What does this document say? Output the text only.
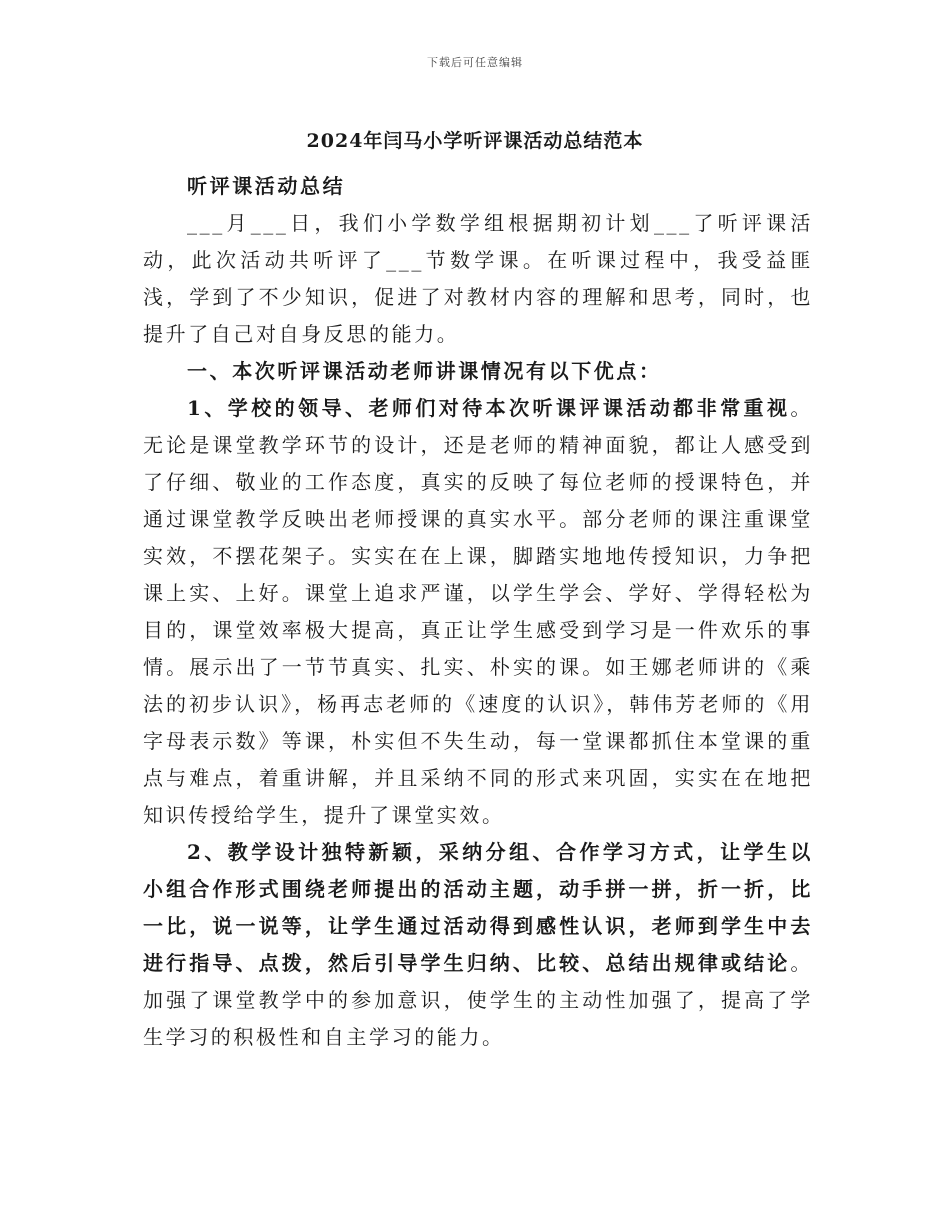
下载后可任意编辑
2024年闫马小学听评课活动总结范本

听评课活动总结

___月___日，我们小学数学组根据期初计划___了听评课活动，此次活动共听评了___节数学课。在听课过程中，我受益匪浅，学到了不少知识，促进了对教材内容的理解和思考，同时，也提升了自己对自身反思的能力。

一、本次听评课活动老师讲课情况有以下优点：

1、学校的领导、老师们对待本次听课评课活动都非常重视。无论是课堂教学环节的设计，还是老师的精神面貌，都让人感受到了仔细、敬业的工作态度，真实的反映了每位老师的授课特色，并通过课堂教学反映出老师授课的真实水平。部分老师的课注重课堂实效，不摆花架子。实实在在上课，脚踏实地地传授知识，力争把课上实、上好。课堂上追求严谨，以学生学会、学好、学得轻松为目的，课堂效率极大提高，真正让学生感受到学习是一件欢乐的事情。展示出了一节节真实、扎实、朴实的课。如王娜老师讲的《乘法的初步认识》，杨再志老师的《速度的认识》，韩伟芳老师的《用字母表示数》等课，朴实但不失生动，每一堂课都抓住本堂课的重点与难点，着重讲解，并且采纳不同的形式来巩固，实实在在地把知识传授给学生，提升了课堂实效。

2、教学设计独特新颖，采纳分组、合作学习方式，让学生以小组合作形式围绕老师提出的活动主题，动手拼一拼，折一折，比一比，说一说等，让学生通过活动得到感性认识，老师到学生中去进行指导、点拨，然后引导学生归纳、比较、总结出规律或结论。加强了课堂教学中的参加意识，使学生的主动性加强了，提高了学生学习的积极性和自主学习的能力。
